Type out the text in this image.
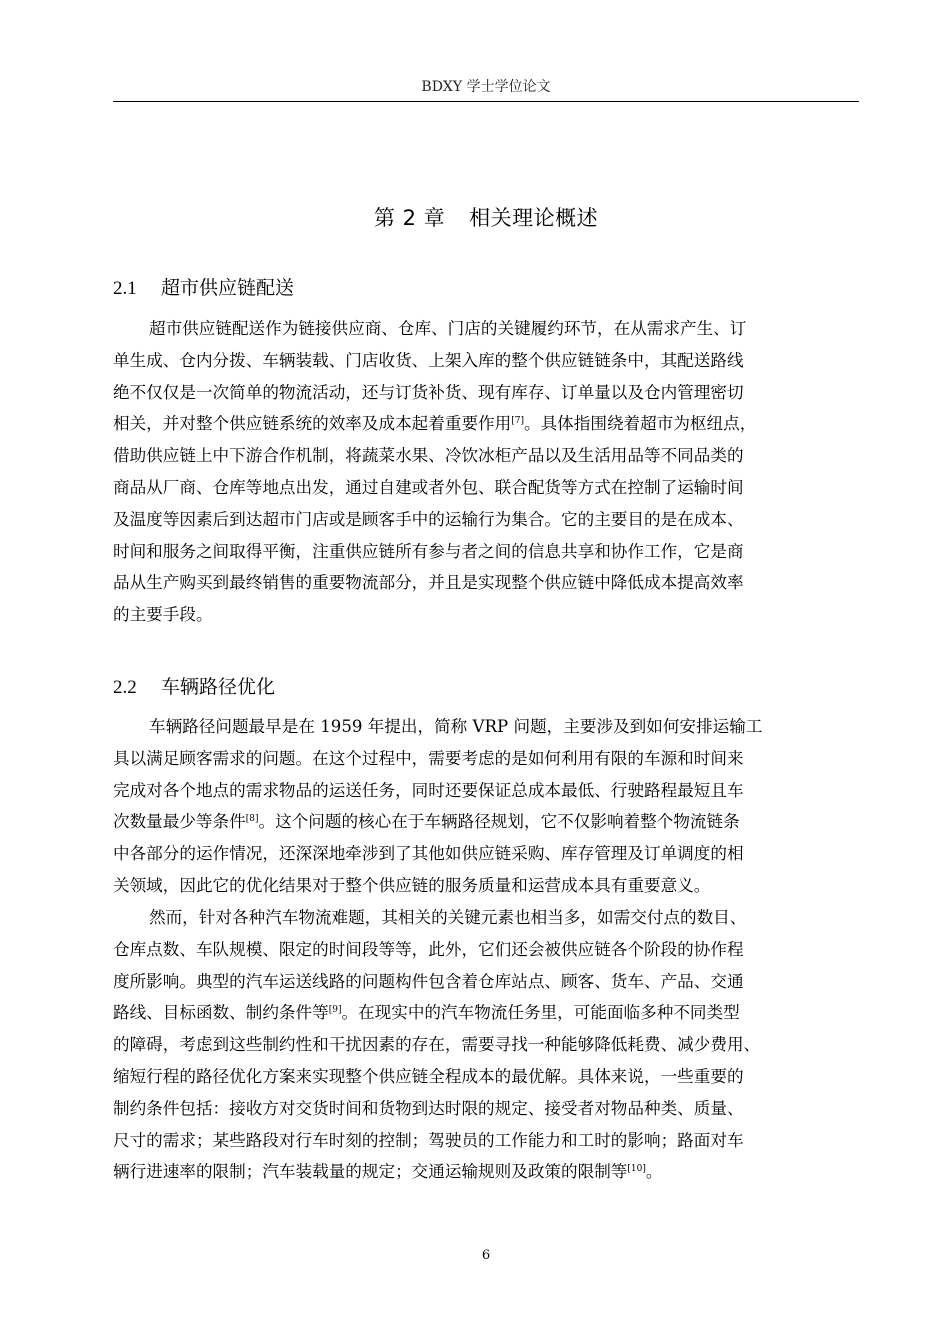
BDXY 学士学位论文
第 2 章 相关理论概述
2.1 超市供应链配送
超市供应链配送作为链接供应商、仓库、门店的关键履约环节，在从需求产生、订
单生成、仓内分拨、车辆装载、门店收货、上架入库的整个供应链链条中，其配送路线
绝不仅仅是一次简单的物流活动，还与订货补货、现有库存、订单量以及仓内管理密切
相关，并对整个供应链系统的效率及成本起着重要作用[7]。具体指围绕着超市为枢纽点，
借助供应链上中下游合作机制，将蔬菜水果、冷饮冰柜产品以及生活用品等不同品类的
商品从厂商、仓库等地点出发，通过自建或者外包、联合配货等方式在控制了运输时间
及温度等因素后到达超市门店或是顾客手中的运输行为集合。它的主要目的是在成本、
时间和服务之间取得平衡，注重供应链所有参与者之间的信息共享和协作工作，它是商
品从生产购买到最终销售的重要物流部分，并且是实现整个供应链中降低成本提高效率
的主要手段。
2.2 车辆路径优化
车辆路径问题最早是在 1959 年提出，简称 VRP 问题，主要涉及到如何安排运输工
具以满足顾客需求的问题。在这个过程中，需要考虑的是如何利用有限的车源和时间来
完成对各个地点的需求物品的运送任务，同时还要保证总成本最低、行驶路程最短且车
次数量最少等条件[8]。这个问题的核心在于车辆路径规划，它不仅影响着整个物流链条
中各部分的运作情况，还深深地牵涉到了其他如供应链采购、库存管理及订单调度的相
关领域，因此它的优化结果对于整个供应链的服务质量和运营成本具有重要意义。
然而，针对各种汽车物流难题，其相关的关键元素也相当多，如需交付点的数目、
仓库点数、车队规模、限定的时间段等等，此外，它们还会被供应链各个阶段的协作程
度所影响。典型的汽车运送线路的问题构件包含着仓库站点、顾客、货车、产品、交通
路线、目标函数、制约条件等[9]。在现实中的汽车物流任务里，可能面临多种不同类型
的障碍，考虑到这些制约性和干扰因素的存在，需要寻找一种能够降低耗费、减少费用、
缩短行程的路径优化方案来实现整个供应链全程成本的最优解。具体来说，一些重要的
制约条件包括：接收方对交货时间和货物到达时限的规定、接受者对物品种类、质量、
尺寸的需求；某些路段对行车时刻的控制；驾驶员的工作能力和工时的影响；路面对车
辆行进速率的限制；汽车装载量的规定；交通运输规则及政策的限制等[10]。
6
